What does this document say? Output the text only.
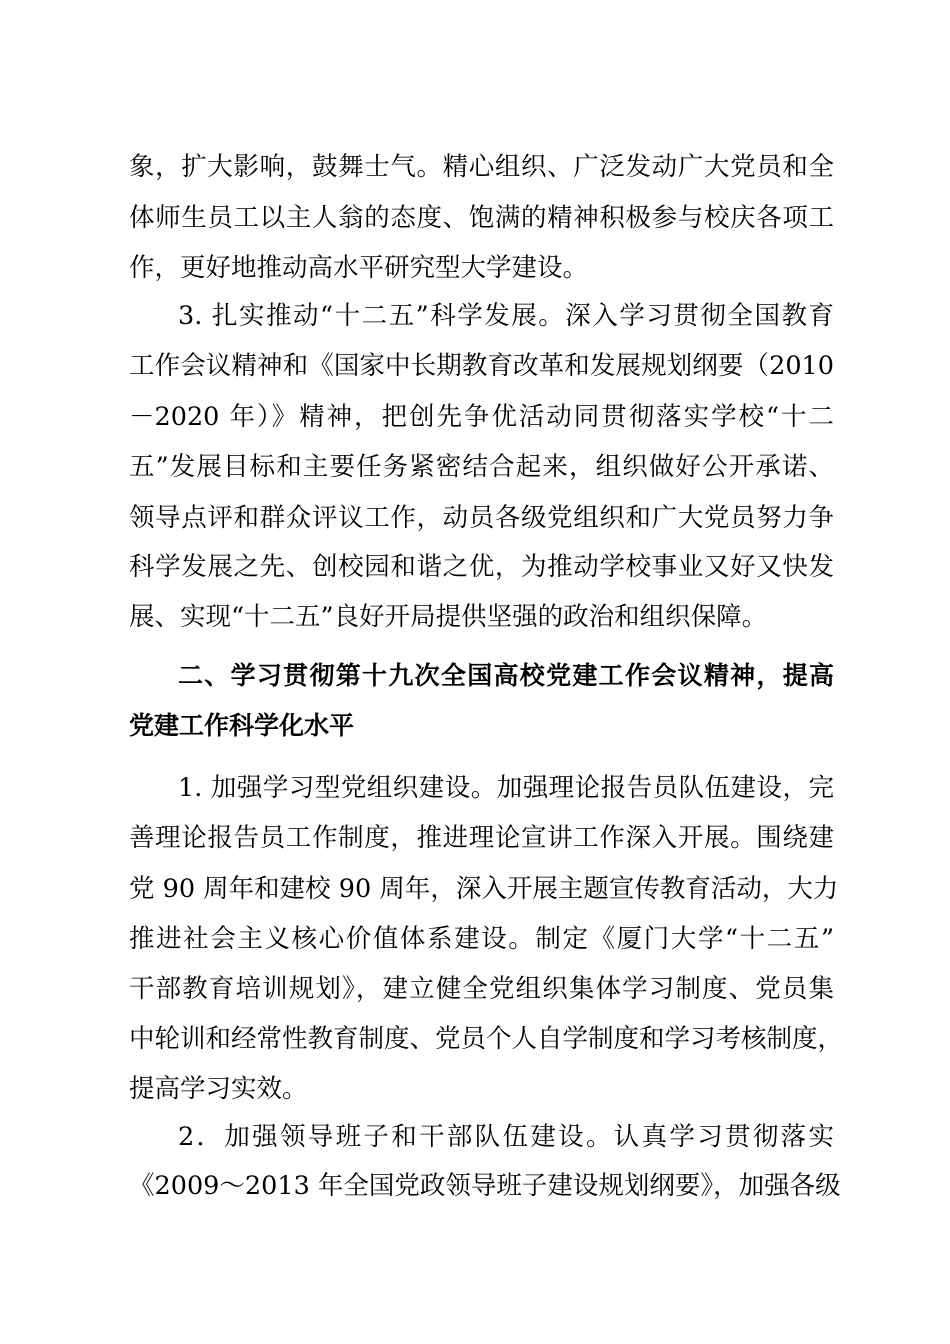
象，扩大影响，鼓舞士气。精心组织、广泛发动广大党员和全
体师生员工以主人翁的态度、饱满的精神积极参与校庆各项工
作，更好地推动高水平研究型大学建设。
3. 扎实推动“十二五”科学发展。深入学习贯彻全国教育
工作会议精神和《国家中长期教育改革和发展规划纲要（2010
－2020 年）》精神，把创先争优活动同贯彻落实学校“十二
五”发展目标和主要任务紧密结合起来，组织做好公开承诺、
领导点评和群众评议工作，动员各级党组织和广大党员努力争
科学发展之先、创校园和谐之优，为推动学校事业又好又快发
展、实现“十二五”良好开局提供坚强的政治和组织保障。
二、学习贯彻第十九次全国高校党建工作会议精神，提高
党建工作科学化水平
1. 加强学习型党组织建设。加强理论报告员队伍建设，完
善理论报告员工作制度，推进理论宣讲工作深入开展。围绕建
党 90 周年和建校 90 周年，深入开展主题宣传教育活动，大力
推进社会主义核心价值体系建设。制定《厦门大学“十二五”
干部教育培训规划》，建立健全党组织集体学习制度、党员集
中轮训和经常性教育制度、党员个人自学制度和学习考核制度，
提高学习实效。
2．加强领导班子和干部队伍建设。认真学习贯彻落实
《2009～2013 年全国党政领导班子建设规划纲要》，加强各级
